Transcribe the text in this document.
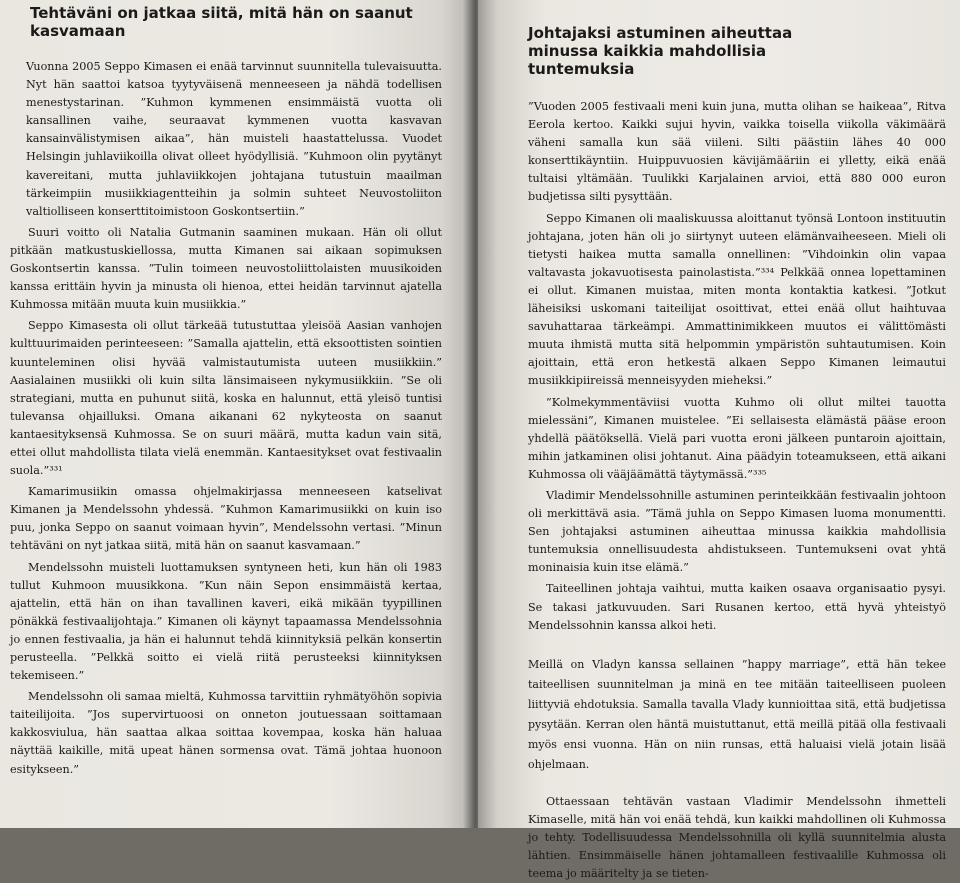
Tehtäväni on jatkaa siitä, mitä hän on saanut kasvamaan

Vuonna 2005 Seppo Kimasen ei enää tarvinnut suunnitella tulevaisuutta. Nyt hän saattoi katsoa tyytyväisenä menneeseen ja nähdä todellisen menestystarinan. ”Kuhmon kymmenen ensimmäistä vuotta oli kansallinen vaihe, seuraavat kymmenen vuotta kasvavan kansainvälistymisen aikaa”, hän muisteli haastattelussa. Vuodet Helsingin juhlaviikoilla olivat olleet hyödyllisiä. ”Kuhmoon olin pyytänyt kavereitani, mutta juhlaviikkojen johtajana tutustuin maailman tärkeimpiin musiikkiagentteihin ja solmin suhteet Neuvostoliiton valtiolliseen konserttitoimistoon Goskontsertiin.”

Suuri voitto oli Natalia Gutmanin saaminen mukaan. Hän oli ollut pitkään matkustuskiellossa, mutta Kimanen sai aikaan sopimuksen Goskontsertin kanssa. ”Tulin toimeen neuvostoliittolaisten muusikoiden kanssa erittäin hyvin ja minusta oli hienoa, ettei heidän tarvinnut ajatella Kuhmossa mitään muuta kuin musiikkia.”

Seppo Kimasesta oli ollut tärkeää tutustuttaa yleisöä Aasian vanhojen kulttuurimaiden perinteeseen: ”Samalla ajattelin, että eksoottisten sointien kuunteleminen olisi hyvää valmistautumista uuteen musiikkiin.” Aasialainen musiikki oli kuin silta länsimaiseen nykymusiikkiin. ”Se oli strategiani, mutta en puhunut siitä, koska en halunnut, että yleisö tuntisi tulevansa ohjailluksi. Omana aikanani 62 nykyteosta on saanut kantaesityksensä Kuhmossa. Se on suuri määrä, mutta kadun vain sitä, ettei ollut mahdollista tilata vielä enemmän. Kantaesitykset ovat festivaalin suola.”³³¹

Kamarimusiikin omassa ohjelmakirjassa menneeseen katselivat Kimanen ja Mendelssohn yhdessä. ”Kuhmon Kamarimusiikki on kuin iso puu, jonka Seppo on saanut voimaan hyvin”, Mendelssohn vertasi. ”Minun tehtäväni on nyt jatkaa siitä, mitä hän on saanut kasvamaan.”

Mendelssohn muisteli luottamuksen syntyneen heti, kun hän oli 1983 tullut Kuhmoon muusikkona. ”Kun näin Sepon ensimmäistä kertaa, ajattelin, että hän on ihan tavallinen kaveri, eikä mikään tyypillinen pönäkkä festivaalijohtaja.” Kimanen oli käynyt tapaamassa Mendelssohnia jo ennen festivaalia, ja hän ei halunnut tehdä kiinnityksiä pelkän konsertin perusteella. ”Pelkkä soitto ei vielä riitä perusteeksi kiinnityksen tekemiseen.”

Mendelssohn oli samaa mieltä, Kuhmossa tarvittiin ryhmätyöhön sopivia taiteilijoita. ”Jos supervirtuoosi on onneton joutuessaan soittamaan kakkosviulua, hän saattaa alkaa soittaa kovempaa, koska hän haluaa näyttää kaikille, mitä upeat hänen sormensa ovat. Tämä johtaa huonoon esitykseen.”

Johtajaksi astuminen aiheuttaa minussa kaikkia mahdollisia tuntemuksia

”Vuoden 2005 festivaali meni kuin juna, mutta olihan se haikeaa”, Ritva Eerola kertoo. Kaikki sujui hyvin, vaikka toisella viikolla väkimäärä väheni samalla kun sää viileni. Silti päästiin lähes 40 000 konserttikäyntiin. Huippuvuosien kävijämääriin ei ylletty, eikä enää tultaisi yltämään. Tuulikki Karjalainen arvioi, että 880 000 euron budjetissa silti pysyttään.

Seppo Kimanen oli maaliskuussa aloittanut työnsä Lontoon instituutin johtajana, joten hän oli jo siirtynyt uuteen elämänvaiheeseen. Mieli oli tietysti haikea mutta samalla onnellinen: ”Vihdoinkin olin vapaa valtavasta jokavuotisesta painolastista.”³³⁴ Pelkkää onnea lopettaminen ei ollut. Kimanen muistaa, miten monta kontaktia katkesi. ”Jotkut läheisiksi uskomani taiteilijat osoittivat, ettei enää ollut haihtuvaa savuhattaraa tärkeämpi. Ammattinimikkeen muutos ei välittömästi muuta ihmistä mutta sitä helpommin ympäristön suhtautumisen. Koin ajoittain, että eron hetkestä alkaen Seppo Kimanen leimautui musiikkipiireissä menneisyyden mieheksi.”

”Kolmekymmentäviisi vuotta Kuhmo oli ollut miltei tauotta mielessäni”, Kimanen muistelee. ”Ei sellaisesta elämästä pääse eroon yhdellä päätöksellä. Vielä pari vuotta eroni jälkeen puntaroin ajoittain, mihin jatkaminen olisi johtanut. Aina päädyin toteamukseen, että aikani Kuhmossa oli vääjäämättä täytymässä.”³³⁵

Vladimir Mendelssohnille astuminen perinteikkään festivaalin johtoon oli merkittävä asia. ”Tämä juhla on Seppo Kimasen luoma monumentti. Sen johtajaksi astuminen aiheuttaa minussa kaikkia mahdollisia tuntemuksia onnellisuudesta ahdistukseen. Tuntemukseni ovat yhtä moninaisia kuin itse elämä.”

Taiteellinen johtaja vaihtui, mutta kaiken osaava organisaatio pysyi. Se takasi jatkuvuuden. Sari Rusanen kertoo, että hyvä yhteistyö Mendelssohnin kanssa alkoi heti.

Meillä on Vladyn kanssa sellainen ”happy marriage”, että hän tekee taiteellisen suunnitelman ja minä en tee mitään taiteelliseen puoleen liittyviä ehdotuksia. Samalla tavalla Vlady kunnioittaa sitä, että budjetissa pysytään. Kerran olen häntä muistuttanut, että meillä pitää olla festivaali myös ensi vuonna. Hän on niin runsas, että haluaisi vielä jotain lisää ohjelmaan.

Ottaessaan tehtävän vastaan Vladimir Mendelssohn ihmetteli Kimaselle, mitä hän voi enää tehdä, kun kaikki mahdollinen oli Kuhmossa jo tehty. Todellisuudessa Mendelssohnilla oli kyllä suunnitelmia alusta lähtien. Ensimmäiselle hänen johtamalleen festivaalille Kuhmossa oli teema jo määritelty ja se tieten-
